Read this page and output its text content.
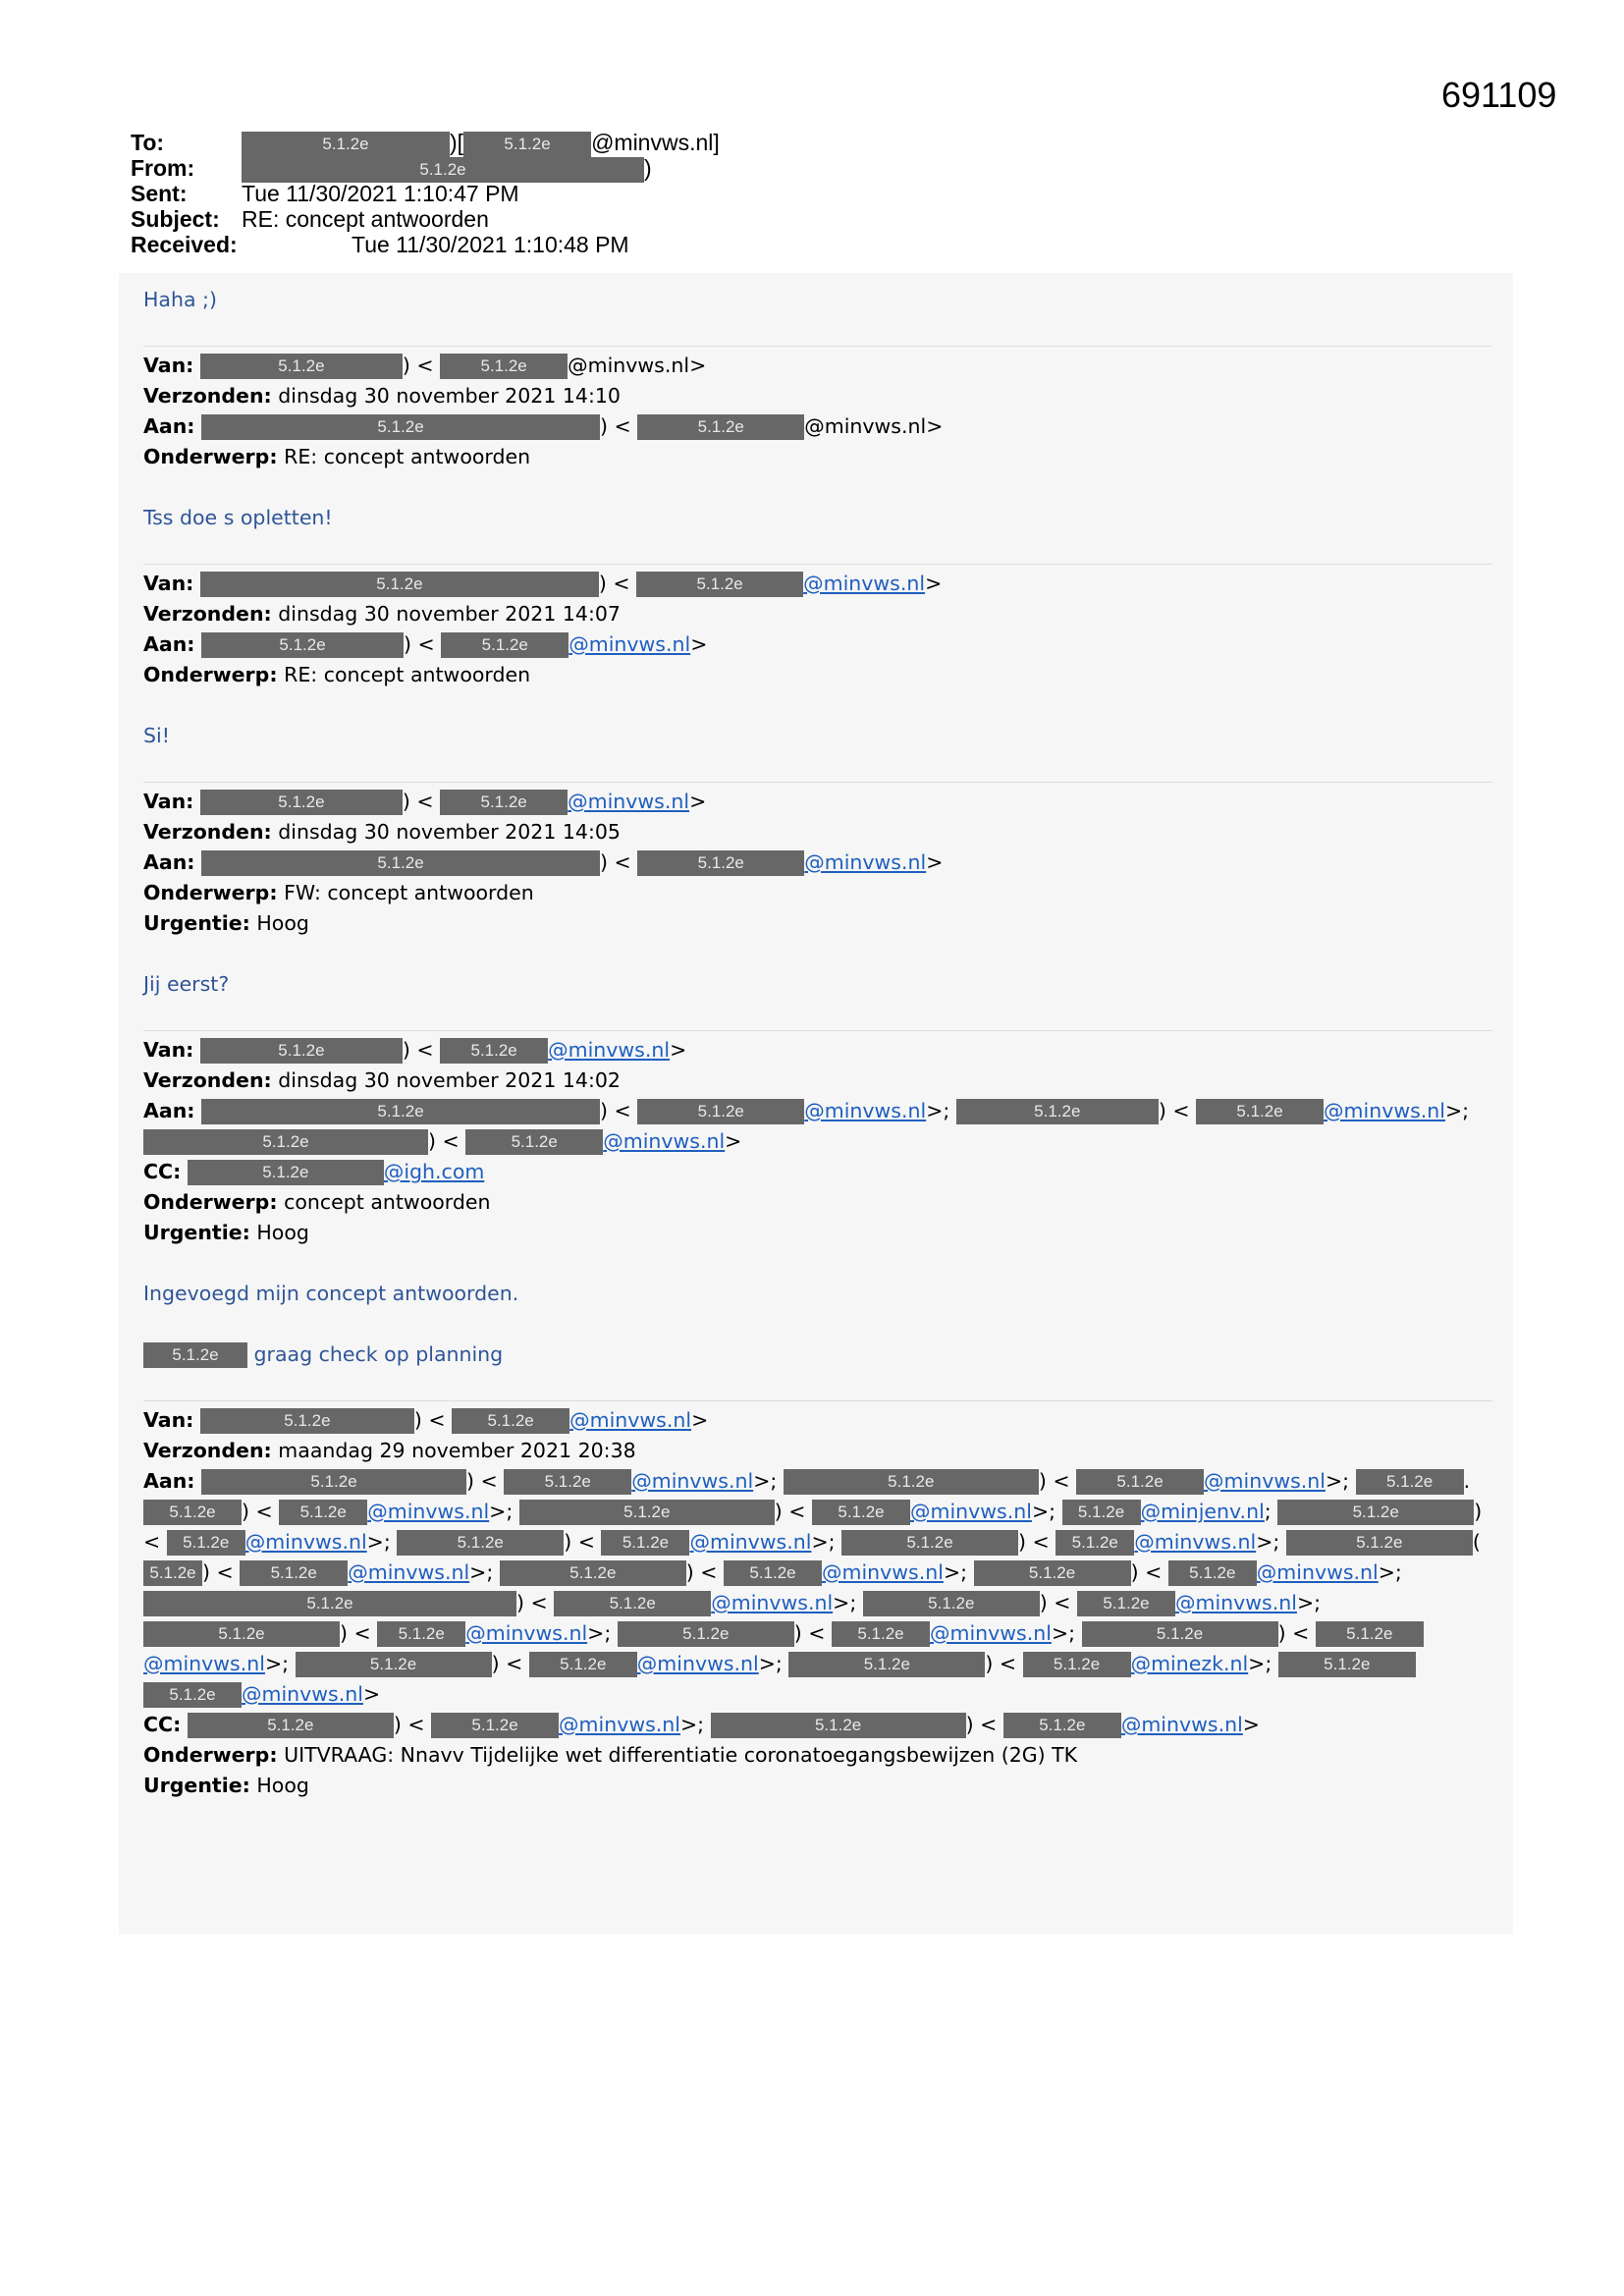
691109
To:	5.1.2e	)[ 5.1.2e @minvws.nl]
From:	5.1.2e	)
Sent: Tue 11/30/2021 1:10:47 PM
Subject: RE: concept antwoorden
Received:	Tue 11/30/2021 1:10:48 PM
Haha ;)
Van:	5.1.2e	) < 5.1.2e @minvws.nl>
Verzonden: dinsdag 30 november 2021 14:10
Aan:	5.1.2e	) <	5.1.2e	@minvws.nl>
Onderwerp: RE: concept antwoorden
Tss doe s opletten!
Van:	5.1.2e	) <	5.1.2e	@minvws.nl>
Verzonden: dinsdag 30 november 2021 14:07
Aan:	5.1.2e	) < 5.1.2e @minvws.nl>
Onderwerp: RE: concept antwoorden
Si!
Van:	5.1.2e	) < 5.1.2e @minvws.nl>
Verzonden: dinsdag 30 november 2021 14:05
Aan:	5.1.2e	) <	5.1.2e	@minvws.nl>
Onderwerp: FW: concept antwoorden
Urgentie: Hoog
Jij eerst?
Van:	5.1.2e	) < 5.1.2e @minvws.nl>
Verzonden: dinsdag 30 november 2021 14:02
Aan:	5.1.2e	) <	5.1.2e	@minvws.nl>;	5.1.2e	) < 5.1.2e @minvws.nl>; 5.1.2e	) <	5.1.2e @minvws.nl>
CC:	5.1.2e	@igh.com
Onderwerp: concept antwoorden
Urgentie: Hoog
Ingevoegd mijn concept antwoorden.
5.1.2e graag check op planning
Van:	5.1.2e	) < 5.1.2e @minvws.nl>
Verzonden: maandag 29 november 2021 20:38
Aan:	5.1.2e	) < 5.1.2e @minvws.nl>;	5.1.2e	) < 5.1.2e @minvws.nl>; 5.1.2e . 5.1.2e ) < 5.1.2e @minvws.nl>;	5.1.2e	) < 5.1.2e @minvws.nl>; 5.1.2e @minjenv.nl;	5.1.2e	) < 5.1.2e @minvws.nl>;	5.1.2e	) < 5.1.2e @minvws.nl>;	5.1.2e	) < 5.1.2e @minvws.nl>;	5.1.2e	( 5.1.2e ) < 5.1.2e @minvws.nl>;	5.1.2e	) < 5.1.2e @minvws.nl>;	5.1.2e	) < 5.1.2e @minvws.nl>; 5.1.2e	) <	5.1.2e	@minvws.nl>;	5.1.2e	) < 5.1.2e @minvws.nl>; 5.1.2e	) < 5.1.2e @minvws.nl>;	5.1.2e	) < 5.1.2e @minvws.nl>;	5.1.2e	) < 5.1.2e@minvws.nl>;	5.1.2e	) < 5.1.2e @minvws.nl>;	5.1.2e	) < 5.1.2e @minezk.nl>;	5.1.2e 5.1.2e @minvws.nl>
CC:	5.1.2e	) < 5.1.2e @minvws.nl>;	5.1.2e	) < 5.1.2e @minvws.nl>
Onderwerp: UITVRAAG: Nnavv Tijdelijke wet differentiatie coronatoegangsbewijzen (2G) TK
Urgentie: Hoog
